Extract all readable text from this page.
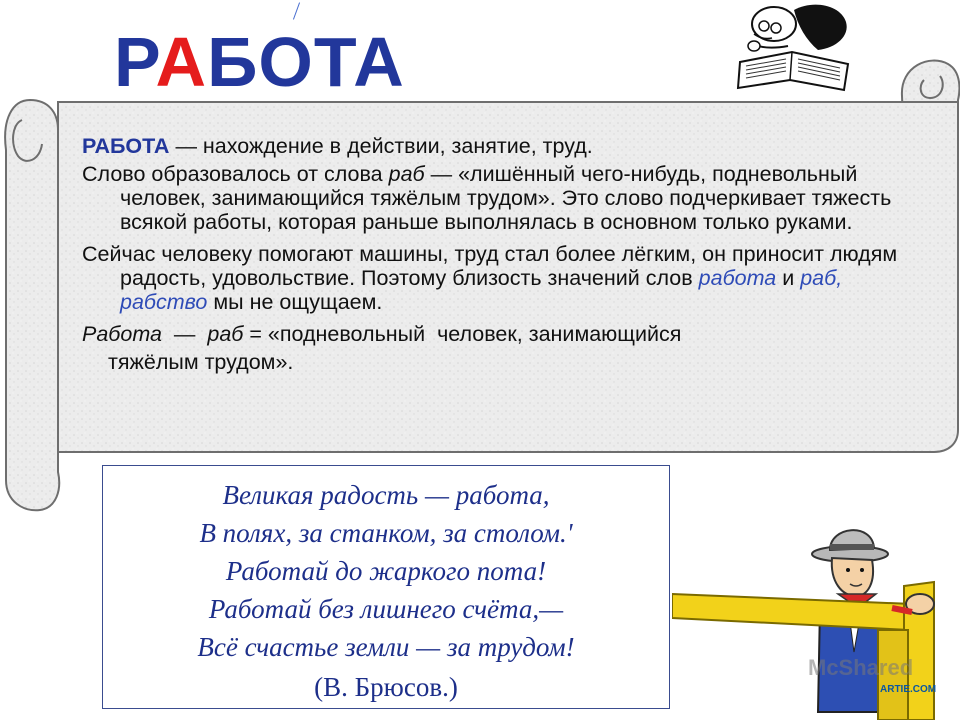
РАБОТА

РАБОТА — нахождение в действии, занятие, труд.

Слово образовалось от слова раб — «лишённый чего-нибудь, подневольный человек, занимающийся тяжёлым трудом». Это слово подчеркивает тяжесть всякой работы, которая раньше выполнялась в основном только руками.

Сейчас человеку помогают машины, труд стал более лёгким, он приносит людям радость, удовольствие. Поэтому близость значений слов работа и раб, рабство мы не ощущаем.

Работа  —  раб = «подневольный  человек, занимающийся
тяжёлым трудом».
Великая радость — работа,
В полях, за станком, за столом.'
Работай до жаркого пота!
Работай без лишнего счёта,—
Всё счастье земли — за трудом!
(В. Брюсов.)
McShared
ARTIE.COM
